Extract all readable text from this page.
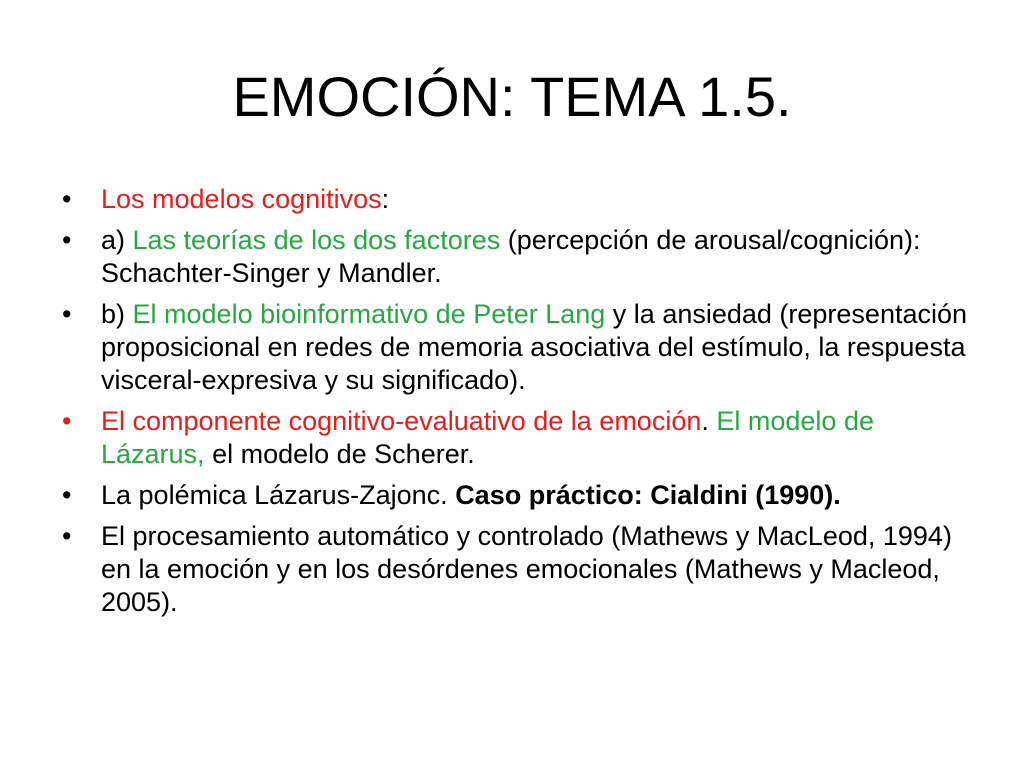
EMOCIÓN: TEMA 1.5.
•	Los modelos cognitivos:
•	a) Las teorías de los dos factores (percepción de arousal/cognición): Schachter-Singer y Mandler.
•	b) El modelo bioinformativo de Peter Lang y la ansiedad (representación proposicional en redes de memoria asociativa del estímulo, la respuesta visceral-expresiva y su significado).
•	El componente cognitivo-evaluativo de la emoción. El modelo de Lázarus, el modelo de Scherer.
•	La polémica Lázarus-Zajonc. Caso práctico: Cialdini (1990).
•	El procesamiento automático y controlado (Mathews y MacLeod, 1994) en la emoción y en los desórdenes emocionales (Mathews y Macleod, 2005).
